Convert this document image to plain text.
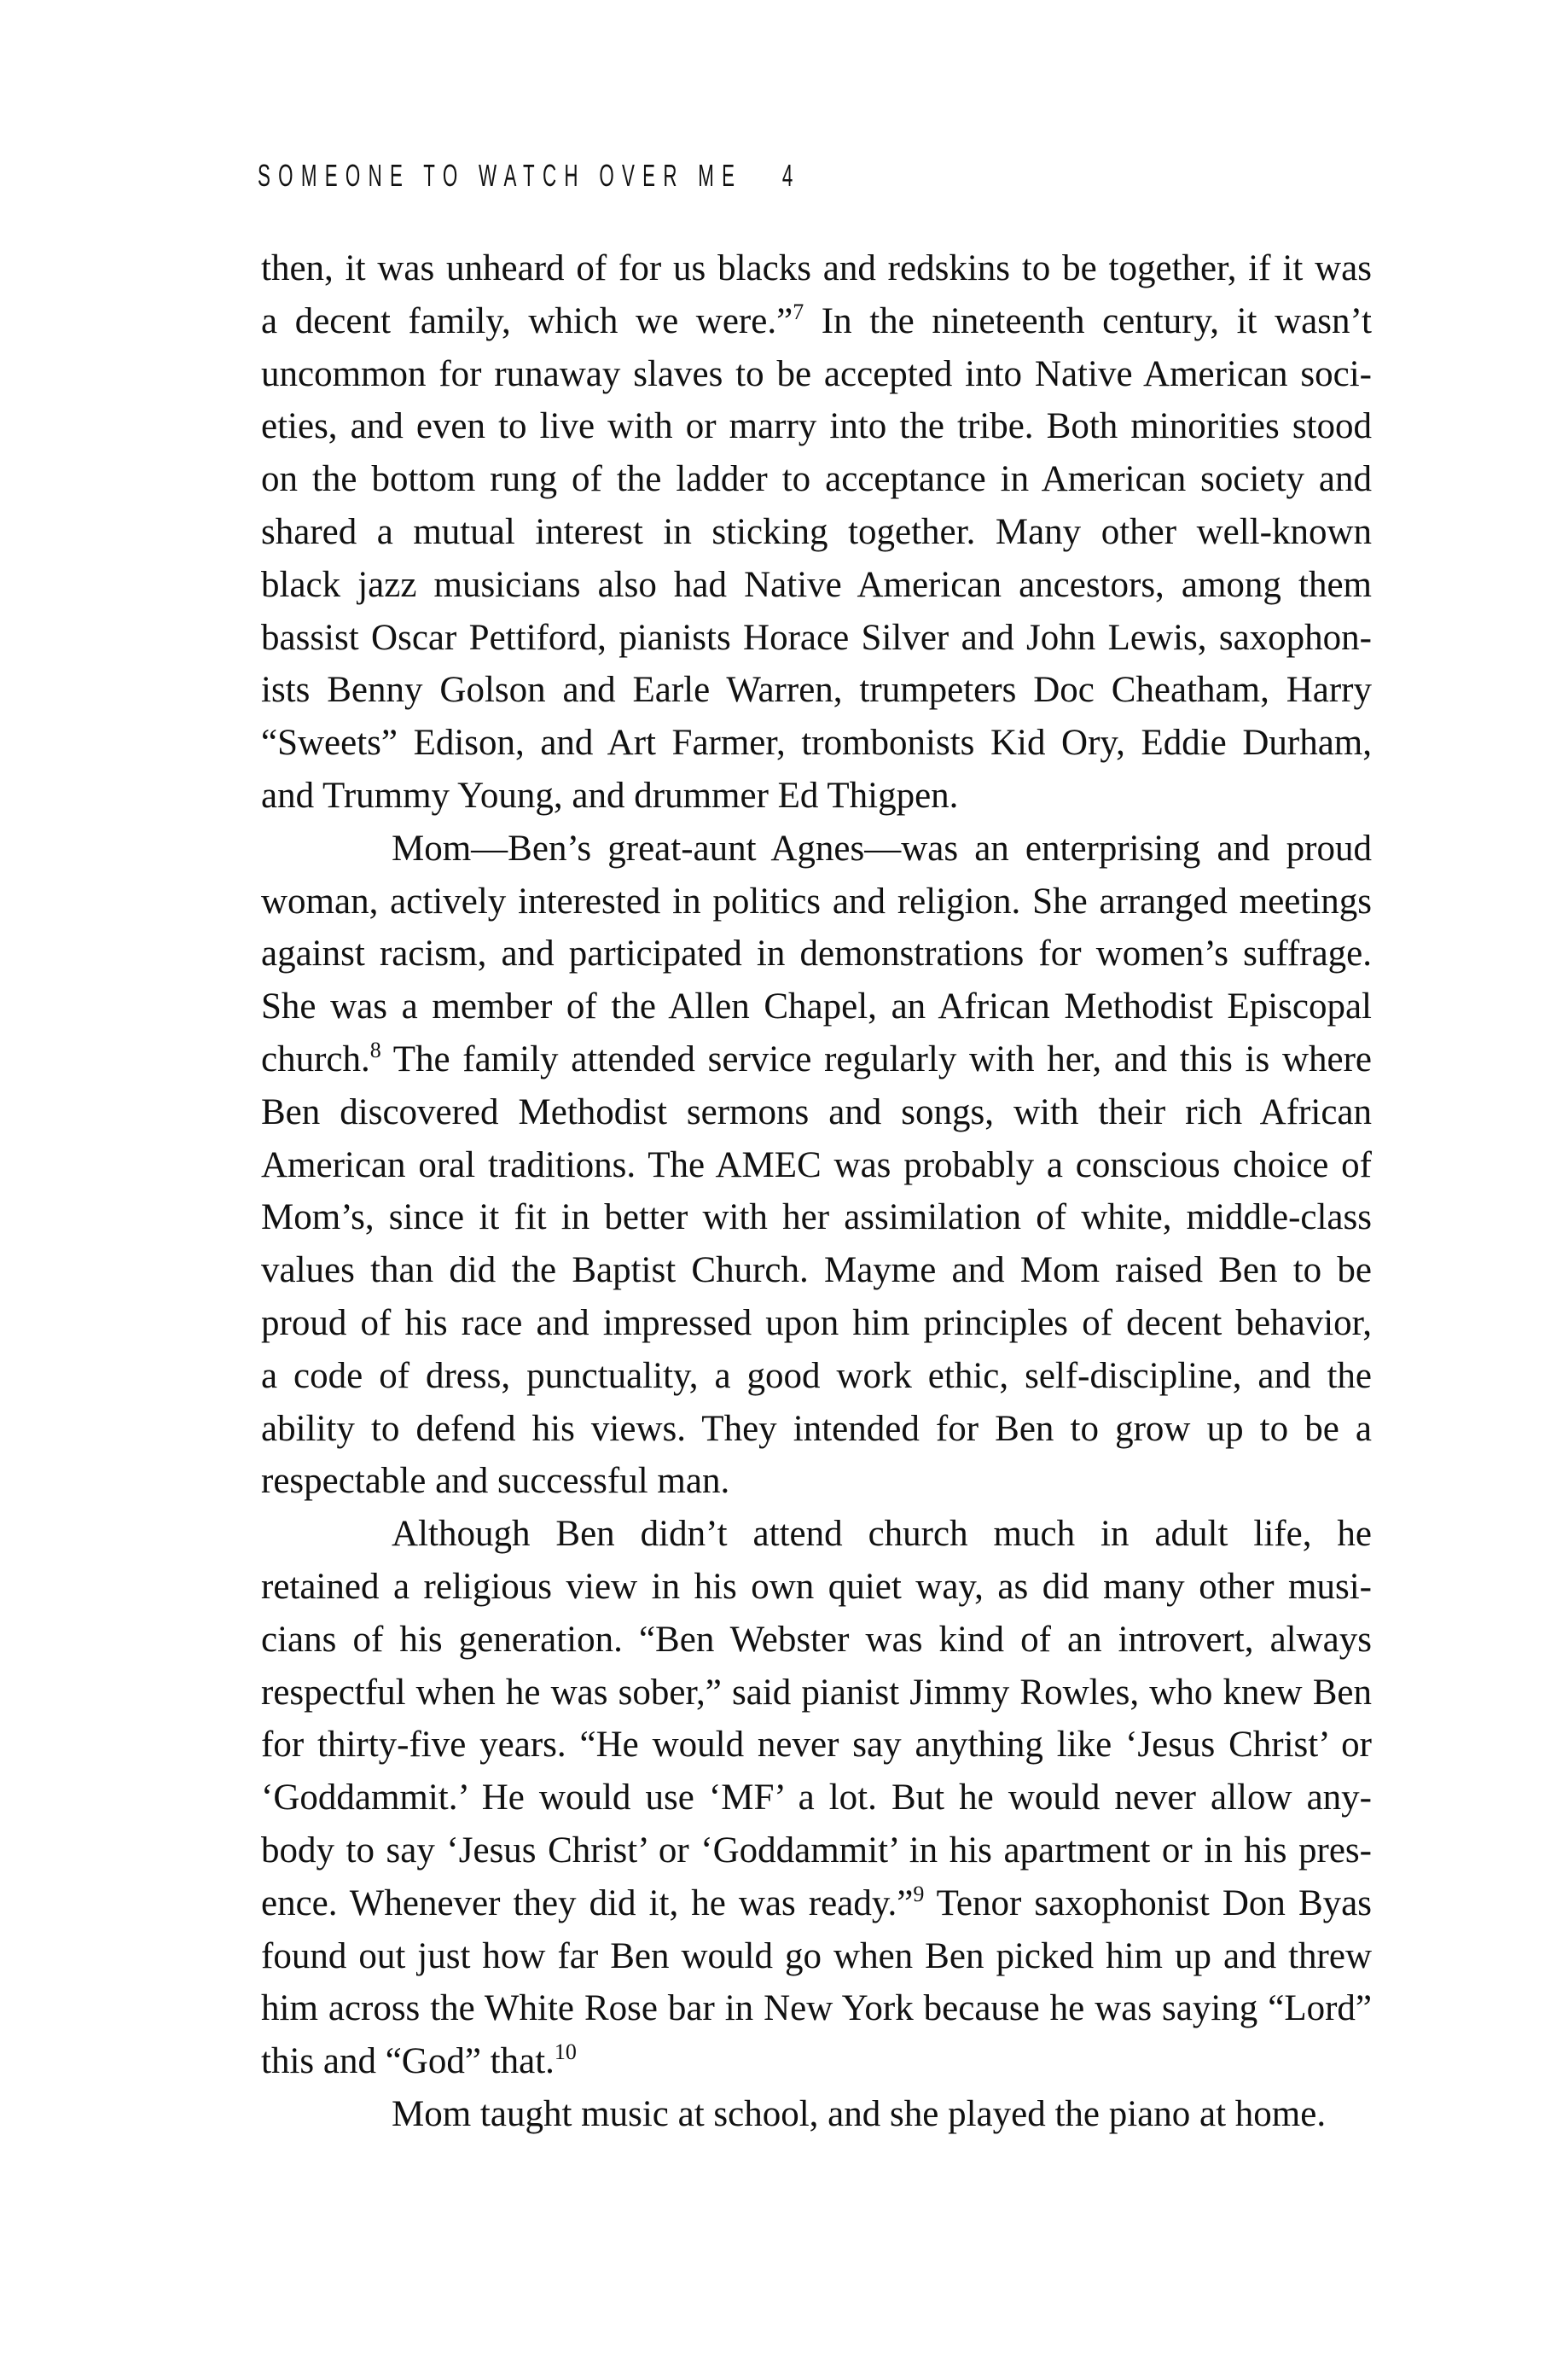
SOMEONE TO WATCH OVER ME 4
then, it was unheard of for us blacks and redskins to be together, if it was
a decent family, which we were.”$^7$ In the nineteenth century, it wasn’t
uncommon for runaway slaves to be accepted into Native American soci-
eties, and even to live with or marry into the tribe. Both minorities stood
on the bottom rung of the ladder to acceptance in American society and
shared a mutual interest in sticking together. Many other well-known
black jazz musicians also had Native American ancestors, among them
bassist Oscar Pettiford, pianists Horace Silver and John Lewis, saxophon-
ists Benny Golson and Earle Warren, trumpeters Doc Cheatham, Harry
“Sweets” Edison, and Art Farmer, trombonists Kid Ory, Eddie Durham,
and Trummy Young, and drummer Ed Thigpen.
Mom—Ben’s great-aunt Agnes—was an enterprising and proud
woman, actively interested in politics and religion. She arranged meetings
against racism, and participated in demonstrations for women’s suffrage.
She was a member of the Allen Chapel, an African Methodist Episcopal
church.$^8$ The family attended service regularly with her, and this is where
Ben discovered Methodist sermons and songs, with their rich African
American oral traditions. The AMEC was probably a conscious choice of
Mom’s, since it fit in better with her assimilation of white, middle-class
values than did the Baptist Church. Mayme and Mom raised Ben to be
proud of his race and impressed upon him principles of decent behavior,
a code of dress, punctuality, a good work ethic, self-discipline, and the
ability to defend his views. They intended for Ben to grow up to be a
respectable and successful man.
Although Ben didn’t attend church much in adult life, he
retained a religious view in his own quiet way, as did many other musi-
cians of his generation. “Ben Webster was kind of an introvert, always
respectful when he was sober,” said pianist Jimmy Rowles, who knew Ben
for thirty-five years. “He would never say anything like ‘Jesus Christ’ or
‘Goddammit.’ He would use ‘MF’ a lot. But he would never allow any-
body to say ‘Jesus Christ’ or ‘Goddammit’ in his apartment or in his pres-
ence. Whenever they did it, he was ready.”$^9$ Tenor saxophonist Don Byas
found out just how far Ben would go when Ben picked him up and threw
him across the White Rose bar in New York because he was saying “Lord”
this and “God” that.$^{10}$
Mom taught music at school, and she played the piano at home.
